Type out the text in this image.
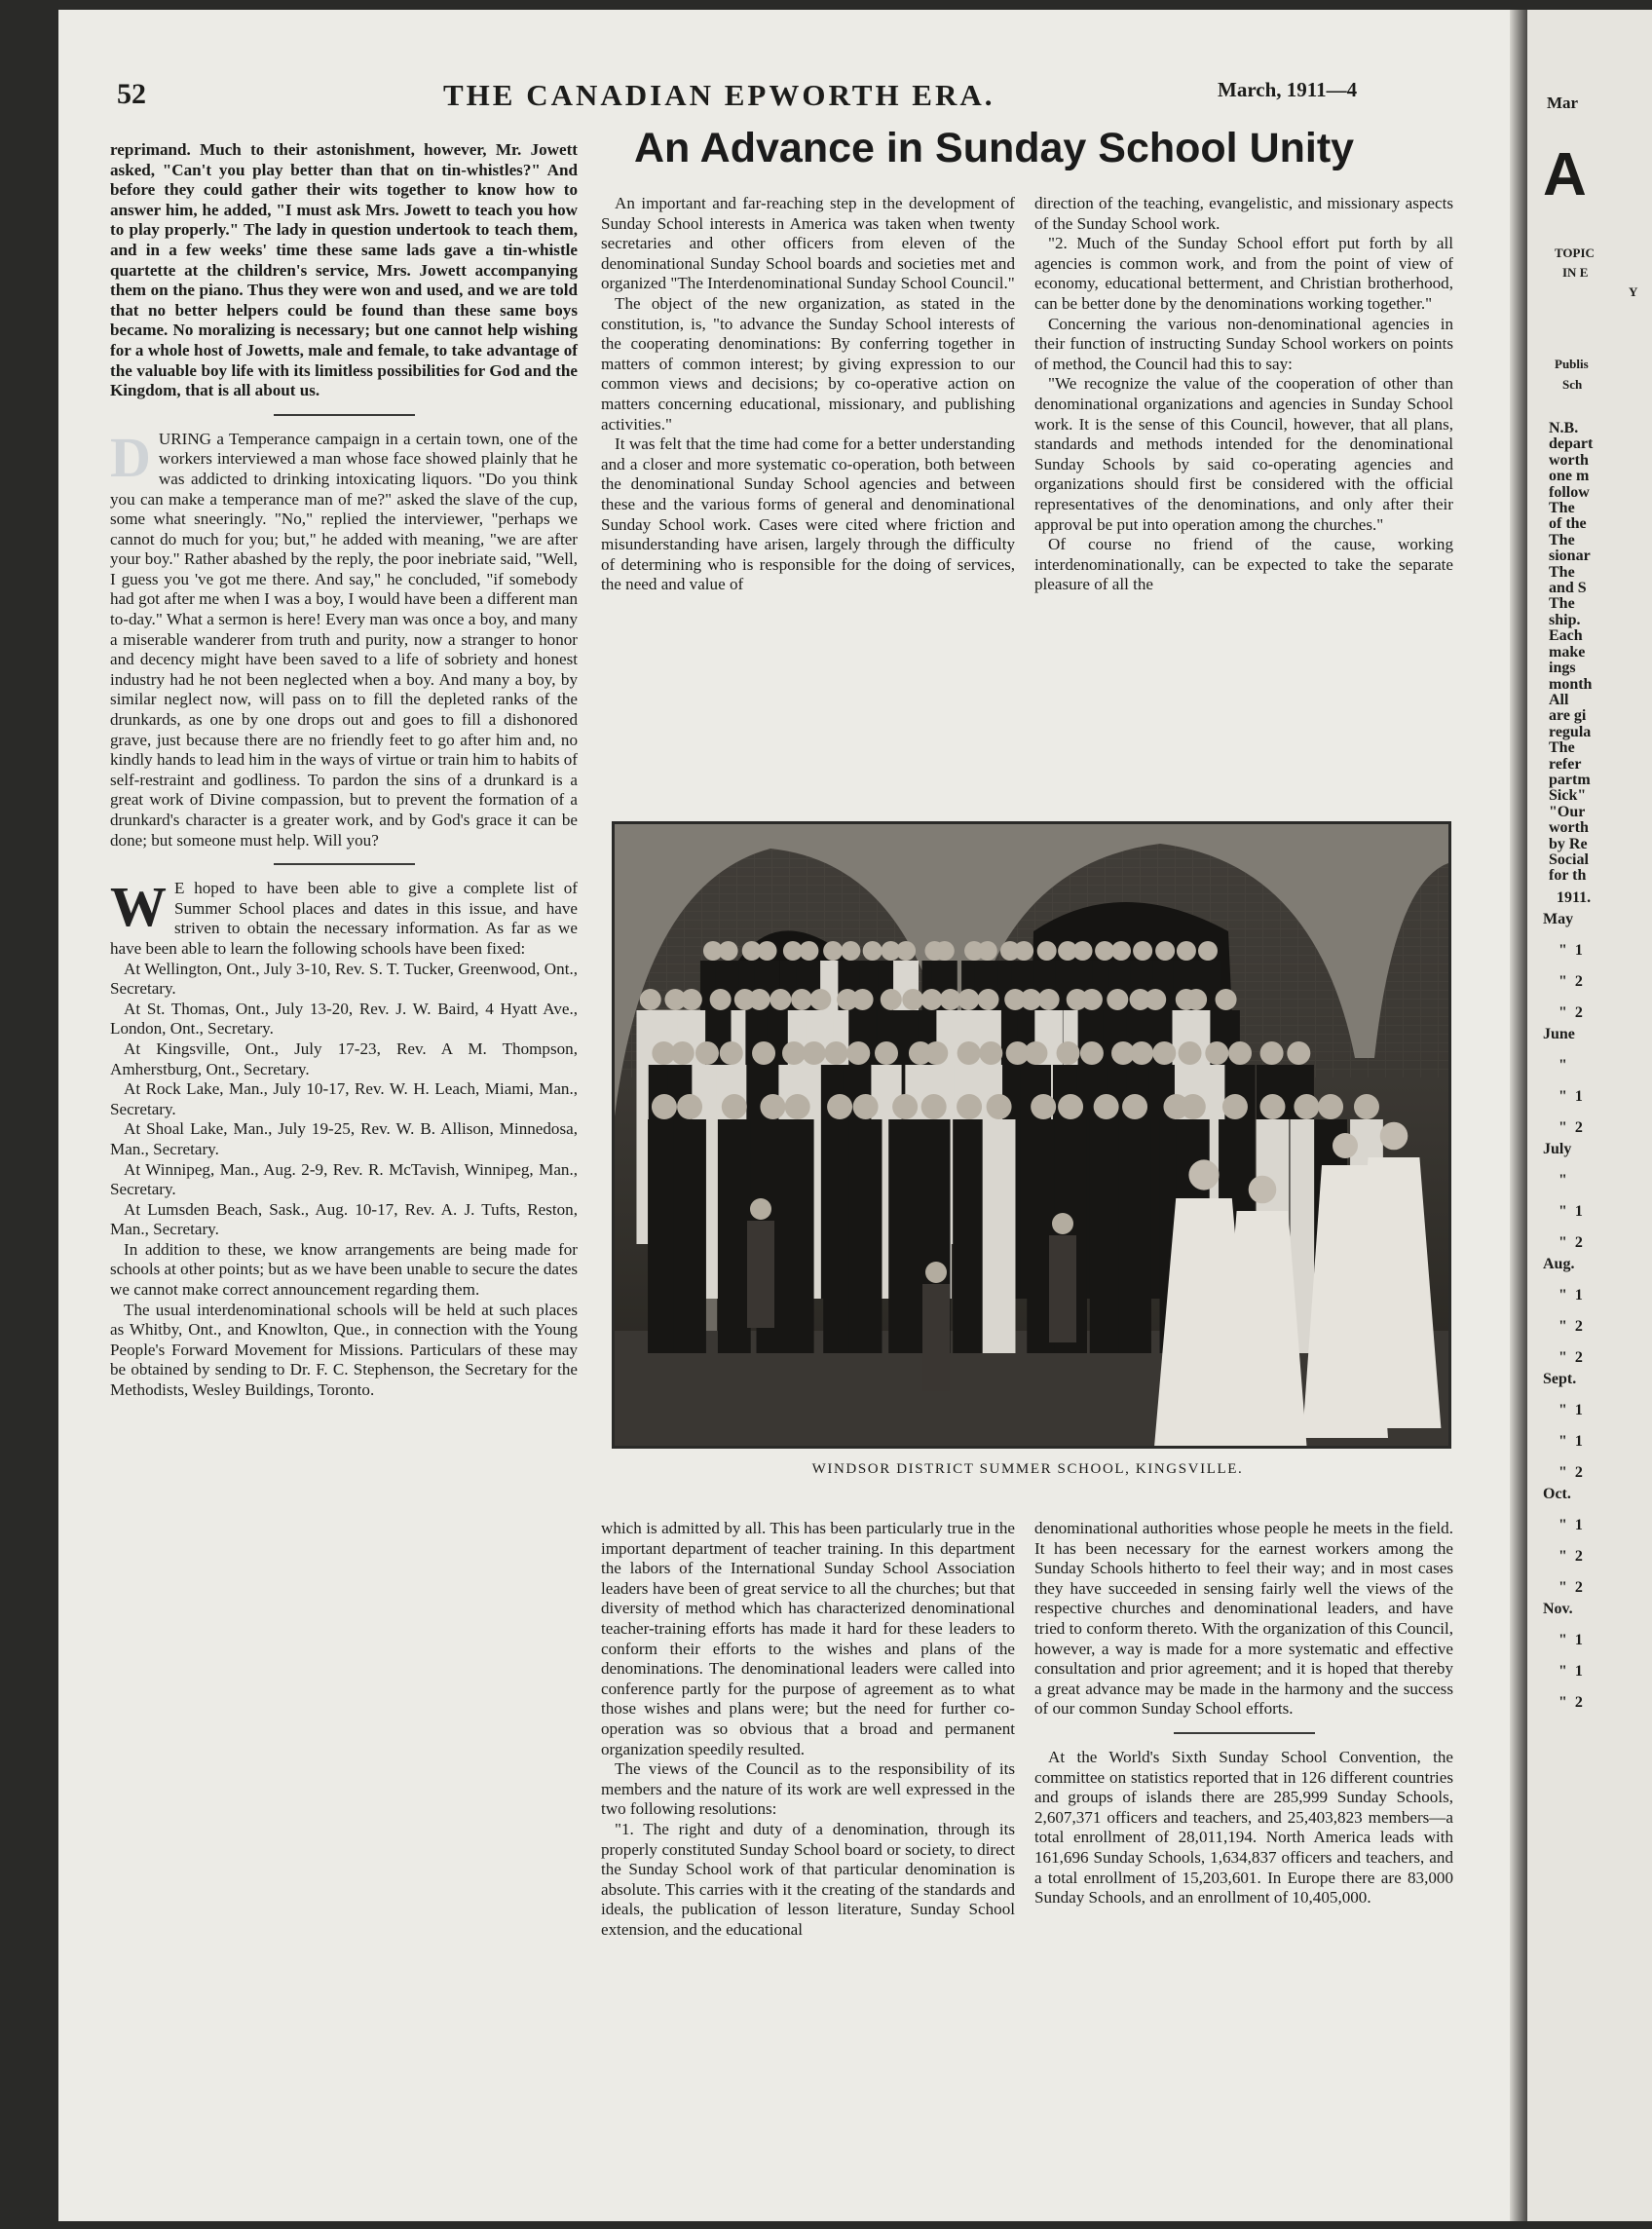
52	THE CANADIAN EPWORTH ERA.	March, 1911—4

reprimand. Much to their astonishment, however, Mr. Jowett asked, "Can't you play better than that on tin-whistles?" And before they could gather their wits together to know how to answer him, he added, "I must ask Mrs. Jowett to teach you how to play properly." The lady in question undertook to teach them, and in a few weeks' time these same lads gave a tin-whistle quartette at the children's service, Mrs. Jowett accompanying them on the piano. Thus they were won and used, and we are told that no better helpers could be found than these same boys became. No moralizing is necessary; but one cannot help wishing for a whole host of Jowetts, male and female, to take advantage of the valuable boy life with its limitless possibilities for God and the Kingdom, that is all about us.

DURING a Temperance campaign in a certain town, one of the workers interviewed a man whose face showed plainly that he was addicted to drinking intoxicating liquors. "Do you think you can make a temperance man of me?" asked the slave of the cup, some what sneeringly. "No," replied the interviewer, "perhaps we cannot do much for you; but," he added with meaning, "we are after your boy." Rather abashed by the reply, the poor inebriate said, "Well, I guess you 've got me there. And say," he concluded, "if somebody had got after me when I was a boy, I would have been a different man to-day." What a sermon is here! Every man was once a boy, and many a miserable wanderer from truth and purity, now a stranger to honor and decency might have been saved to a life of sobriety and honest industry had he not been neglected when a boy. And many a boy, by similar neglect now, will pass on to fill the depleted ranks of the drunkards, as one by one drops out and goes to fill a dishonored grave, just because there are no friendly feet to go after him and, no kindly hands to lead him in the ways of virtue or train him to habits of self-restraint and godliness. To pardon the sins of a drunkard is a great work of Divine compassion, but to prevent the formation of a drunkard's character is a greater work, and by God's grace it can be done; but someone must help. Will you?

WE hoped to have been able to give a complete list of Summer School places and dates in this issue, and have striven to obtain the necessary information. As far as we have been able to learn the following schools have been fixed:

At Wellington, Ont., July 3-10, Rev. S. T. Tucker, Greenwood, Ont., Secretary.

At St. Thomas, Ont., July 13-20, Rev. J. W. Baird, 4 Hyatt Ave., London, Ont., Secretary.

At Kingsville, Ont., July 17-23, Rev. A M. Thompson, Amherstburg, Ont., Secretary.

At Rock Lake, Man., July 10-17, Rev. W. H. Leach, Miami, Man., Secretary.

At Shoal Lake, Man., July 19-25, Rev. W. B. Allison, Minnedosa, Man., Secretary.

At Winnipeg, Man., Aug. 2-9, Rev. R. McTavish, Winnipeg, Man., Secretary.

At Lumsden Beach, Sask., Aug. 10-17, Rev. A. J. Tufts, Reston, Man., Secretary.

In addition to these, we know arrangements are being made for schools at other points; but as we have been unable to secure the dates we cannot make correct announcement regarding them.

The usual interdenominational schools will be held at such places as Whitby, Ont., and Knowlton, Que., in connection with the Young People's Forward Movement for Missions. Particulars of these may be obtained by sending to Dr. F. C. Stephenson, the Secretary for the Methodists, Wesley Buildings, Toronto.

An Advance in Sunday School Unity

An important and far-reaching step in the development of Sunday School interests in America was taken when twenty secretaries and other officers from eleven of the denominational Sunday School boards and societies met and organized "The Interdenominational Sunday School Council."

The object of the new organization, as stated in the constitution, is, "to advance the Sunday School interests of the cooperating denominations: By conferring together in matters of common interest; by giving expression to our common views and decisions; by co-operative action on matters concerning educational, missionary, and publishing activities."

It was felt that the time had come for a better understanding and a closer and more systematic co-operation, both between the denominational Sunday School agencies and between these and the various forms of general and denominational Sunday School work. Cases were cited where friction and misunderstanding have arisen, largely through the difficulty of determining who is responsible for the doing of services, the need and value of

direction of the teaching, evangelistic, and missionary aspects of the Sunday School work.

"2. Much of the Sunday School effort put forth by all agencies is common work, and from the point of view of economy, educational betterment, and Christian brotherhood, can be better done by the denominations working together."

Concerning the various non-denominational agencies in their function of instructing Sunday School workers on points of method, the Council had this to say:

"We recognize the value of the cooperation of other than denominational organizations and agencies in Sunday School work. It is the sense of this Council, however, that all plans, standards and methods intended for the denominational Sunday Schools by said co-operating agencies and organizations should first be considered with the official representatives of the denominations, and only after their approval be put into operation among the churches."

Of course no friend of the cause, working interdenominationally, can be expected to take the separate pleasure of all the

WINDSOR DISTRICT SUMMER SCHOOL, KINGSVILLE.

which is admitted by all. This has been particularly true in the important department of teacher training. In this department the labors of the International Sunday School Association leaders have been of great service to all the churches; but that diversity of method which has characterized denominational teacher-training efforts has made it hard for these leaders to conform their efforts to the wishes and plans of the denominations. The denominational leaders were called into conference partly for the purpose of agreement as to what those wishes and plans were; but the need for further co-operation was so obvious that a broad and permanent organization speedily resulted.

The views of the Council as to the responsibility of its members and the nature of its work are well expressed in the two following resolutions:

"1. The right and duty of a denomination, through its properly constituted Sunday School board or society, to direct the Sunday School work of that particular denomination is absolute. This carries with it the creating of the standards and ideals, the publication of lesson literature, Sunday School extension, and the educational

denominational authorities whose people he meets in the field. It has been necessary for the earnest workers among the Sunday Schools hitherto to feel their way; and in most cases they have succeeded in sensing fairly well the views of the respective churches and denominational leaders, and have tried to conform thereto. With the organization of this Council, however, a way is made for a more systematic and effective consultation and prior agreement; and it is hoped that thereby a great advance may be made in the harmony and the success of our common Sunday School efforts.

At the World's Sixth Sunday School Convention, the committee on statistics reported that in 126 different countries and groups of islands there are 285,999 Sunday Schools, 2,607,371 officers and teachers, and 25,403,823 members—a total enrollment of 28,011,194. North America leads with 161,696 Sunday Schools, 1,634,837 officers and teachers, and a total enrollment of 15,203,601. In Europe there are 83,000 Sunday Schools, and an enrollment of 10,405,000.

Mar
A
TOPIC
IN E
Y
Publis
Sch
N.B.
depart
worth
one m
follow
The
of the
The
sionar
The
and S
The
ship.
Each
make
ings
month
All
are gi
regula
The
refer
partm
Sick"
"Our
worth
by Re
Social
for th
1911.
May
"  1
"  2
"  2
June
"
"  1
"  2
July
"
"  1
"  2
Aug.
"  1
"  2
"  2
Sept.
"  1
"  1
"  2
Oct.
"  1
"  2
"  2
Nov.
"  1
"  1
"  2
